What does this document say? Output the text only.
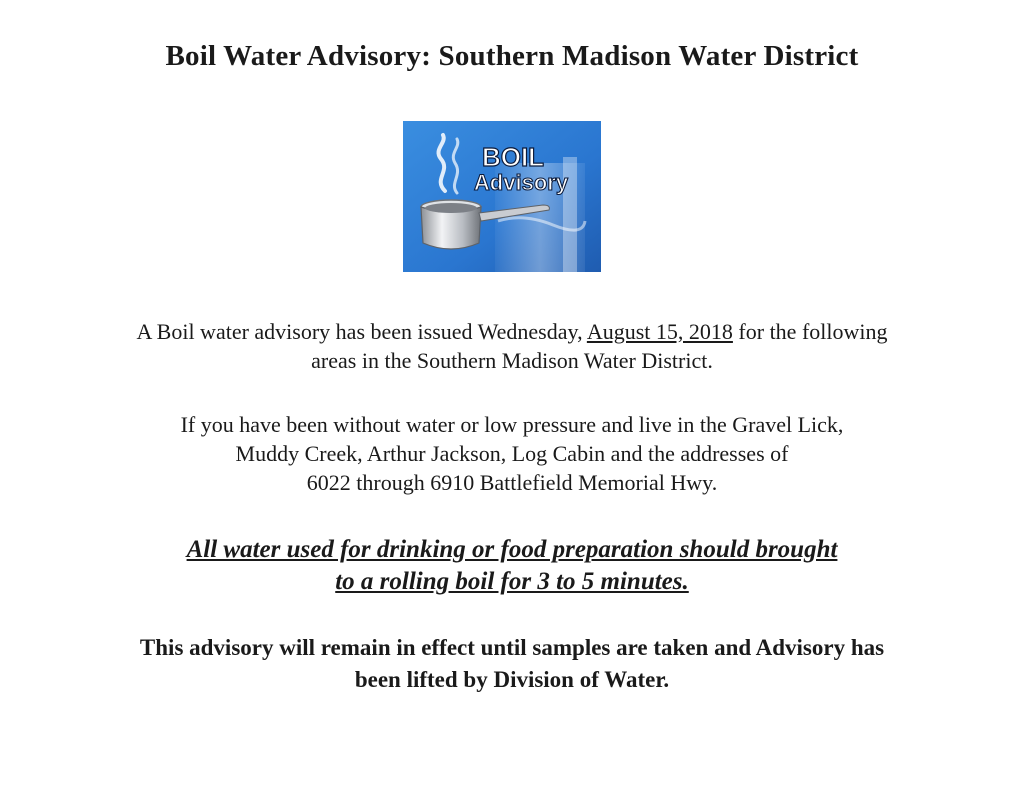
Boil Water Advisory: Southern Madison Water District
BOIL
Advisory

A Boil water advisory has been issued Wednesday, August 15, 2018 for the following
areas in the Southern Madison Water District.

If you have been without water or low pressure and live in the Gravel Lick,
Muddy Creek, Arthur Jackson, Log Cabin and the addresses of
6022 through 6910 Battlefield Memorial Hwy.

All water used for drinking or food preparation should brought
to a rolling boil for 3 to 5 minutes.

This advisory will remain in effect until samples are taken and Advisory has
been lifted by Division of Water.
